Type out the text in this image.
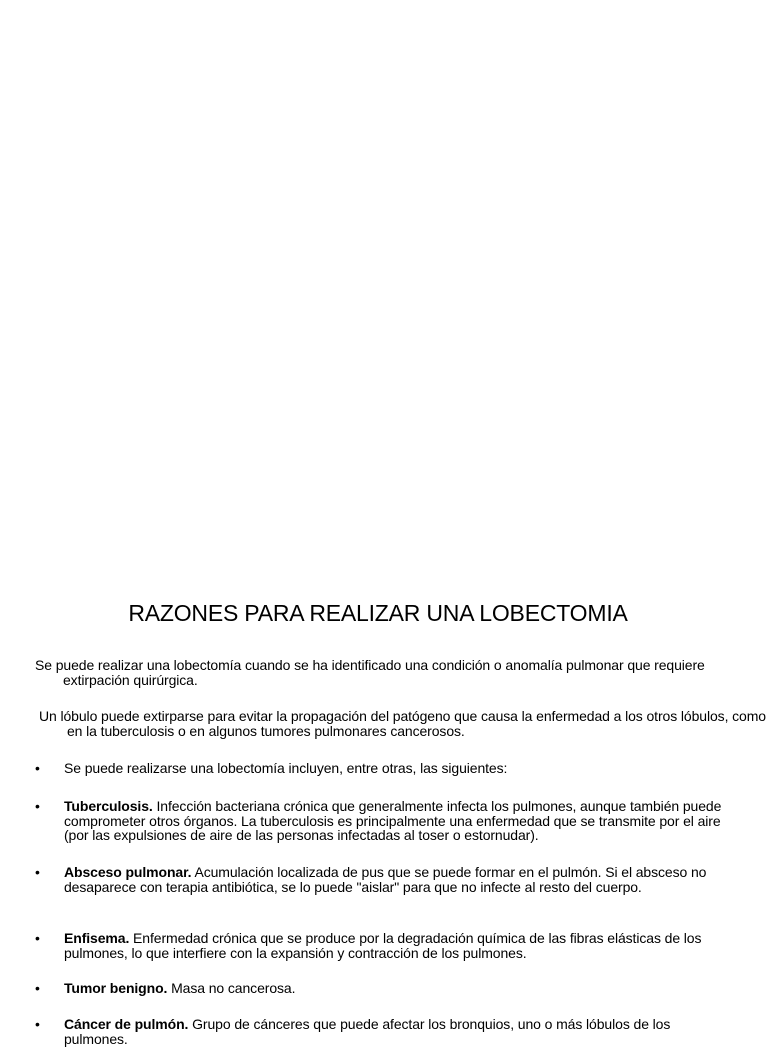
RAZONES PARA REALIZAR UNA LOBECTOMIA
Se puede realizar una lobectomía cuando se ha identificado una condición o anomalía pulmonar que requiere extirpación quirúrgica.
Un lóbulo puede extirparse para evitar la propagación del patógeno que causa la enfermedad a los otros lóbulos, como en la tuberculosis o en algunos tumores pulmonares cancerosos.
•	Se puede realizarse una lobectomía incluyen, entre otras, las siguientes:
•	Tuberculosis. Infección bacteriana crónica que generalmente infecta los pulmones, aunque también puede comprometer otros órganos. La tuberculosis es principalmente una enfermedad que se transmite por el aire (por las expulsiones de aire de las personas infectadas al toser o estornudar).
•	Absceso pulmonar. Acumulación localizada de pus que se puede formar en el pulmón. Si el absceso no desaparece con terapia antibiótica, se lo puede "aislar" para que no infecte al resto del cuerpo.
•	Enfisema. Enfermedad crónica que se produce por la degradación química de las fibras elásticas de los pulmones, lo que interfiere con la expansión y contracción de los pulmones.
•	Tumor benigno. Masa no cancerosa.
•	Cáncer de pulmón. Grupo de cánceres que puede afectar los bronquios, uno o más lóbulos de los pulmones.
